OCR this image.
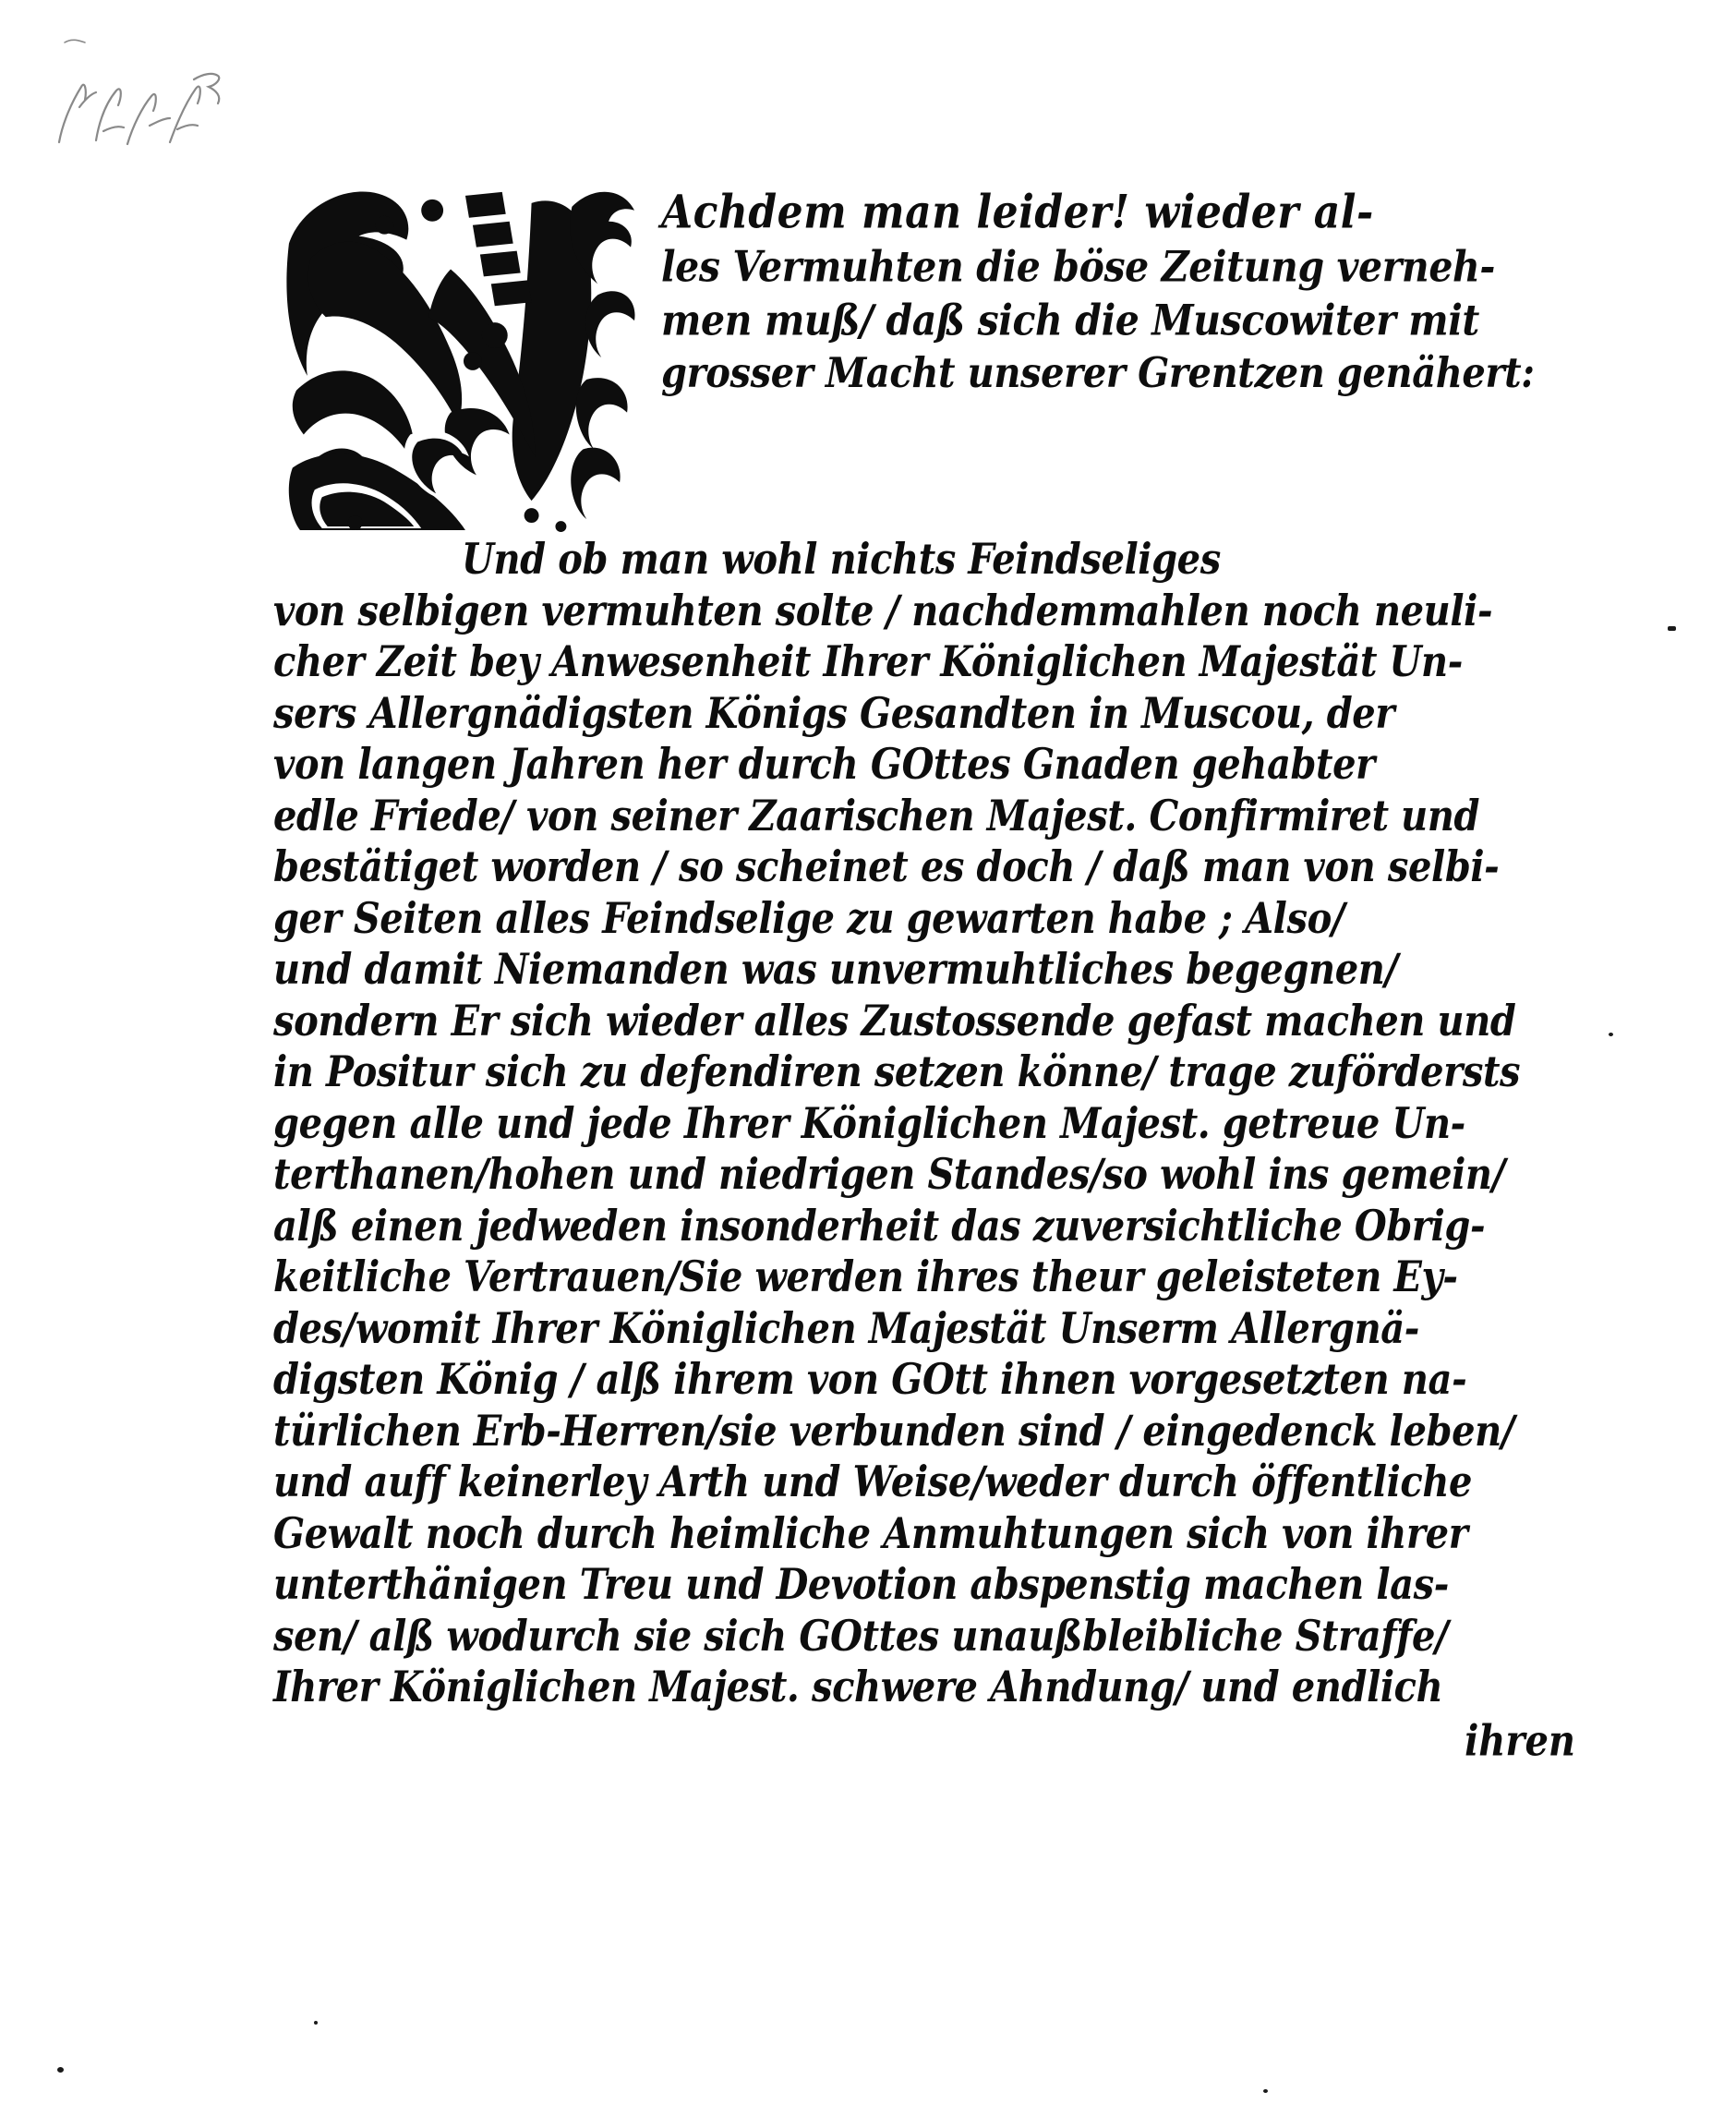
Achdem man leider! wieder al-
les Vermuhten die böse Zeitung verneh-
men muß/ daß sich die Muscowiter mit
grosser Macht unserer Grentzen genähert:
Und ob man wohl nichts Feindseliges
von selbigen vermuhten solte / nachdemmahlen noch neuli-
cher Zeit bey Anwesenheit Ihrer Königlichen Majestät Un-
sers Allergnädigsten Königs Gesandten in Muscou, der
von langen Jahren her durch GOttes Gnaden gehabter
edle Friede/ von seiner Zaarischen Majest. Confirmiret und
bestätiget worden / so scheinet es doch / daß man von selbi-
ger Seiten alles Feindselige zu gewarten habe ; Also/
und damit Niemanden was unvermuhtliches begegnen/
sondern Er sich wieder alles Zustossende gefast machen und
in Positur sich zu defendiren setzen könne/ trage zufördersts
gegen alle und jede Ihrer Königlichen Majest. getreue Un-
terthanen/hohen und niedrigen Standes/so wohl ins gemein/
alß einen jedweden insonderheit das zuversichtliche Obrig-
keitliche Vertrauen/Sie werden ihres theur geleisteten Ey-
des/womit Ihrer Königlichen Majestät Unserm Allergnä-
digsten König / alß ihrem von GOtt ihnen vorgesetzten na-
türlichen Erb-Herren/sie verbunden sind / eingedenck leben/
und auff keinerley Arth und Weise/weder durch öffentliche
Gewalt noch durch heimliche Anmuhtungen sich von ihrer
unterthänigen Treu und Devotion abspenstig machen las-
sen/ alß wodurch sie sich GOttes unaußbleibliche Straffe/
Ihrer Königlichen Majest. schwere Ahndung/ und endlich
ihren
